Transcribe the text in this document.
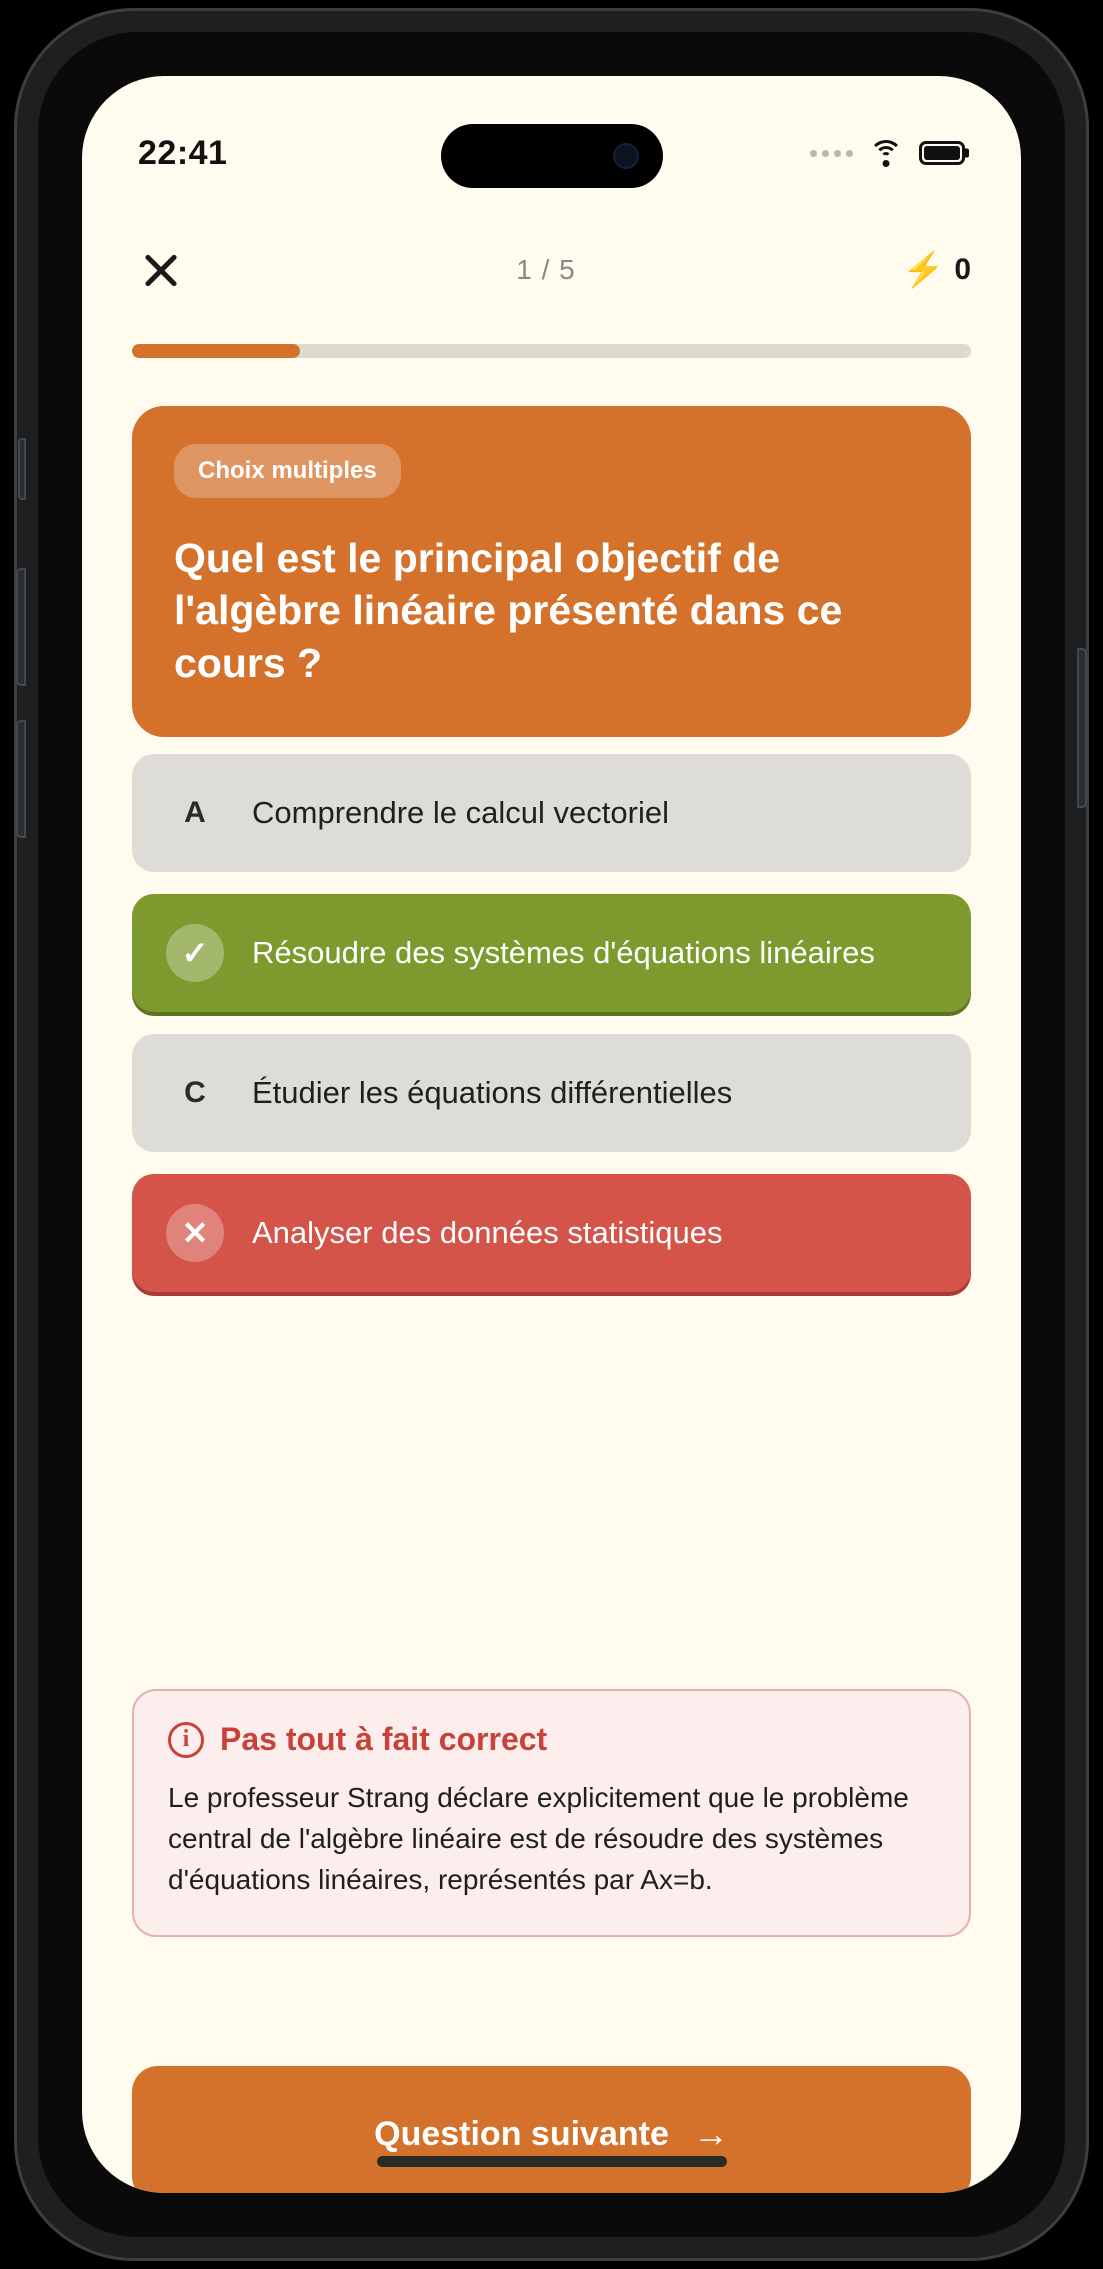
22:41
1 / 5	⚡ 0
Choix multiples
Quel est le principal objectif de l'algèbre linéaire présenté dans ce cours ?
A	Comprendre le calcul vectoriel
✓ Résoudre des systèmes d'équations linéaires
C	Étudier les équations différentielles
✕ Analyser des données statistiques
i Pas tout à fait correct
Le professeur Strang déclare explicitement que le problème central de l'algèbre linéaire est de résoudre des systèmes d'équations linéaires, représentés par Ax=b.
Question suivante →
